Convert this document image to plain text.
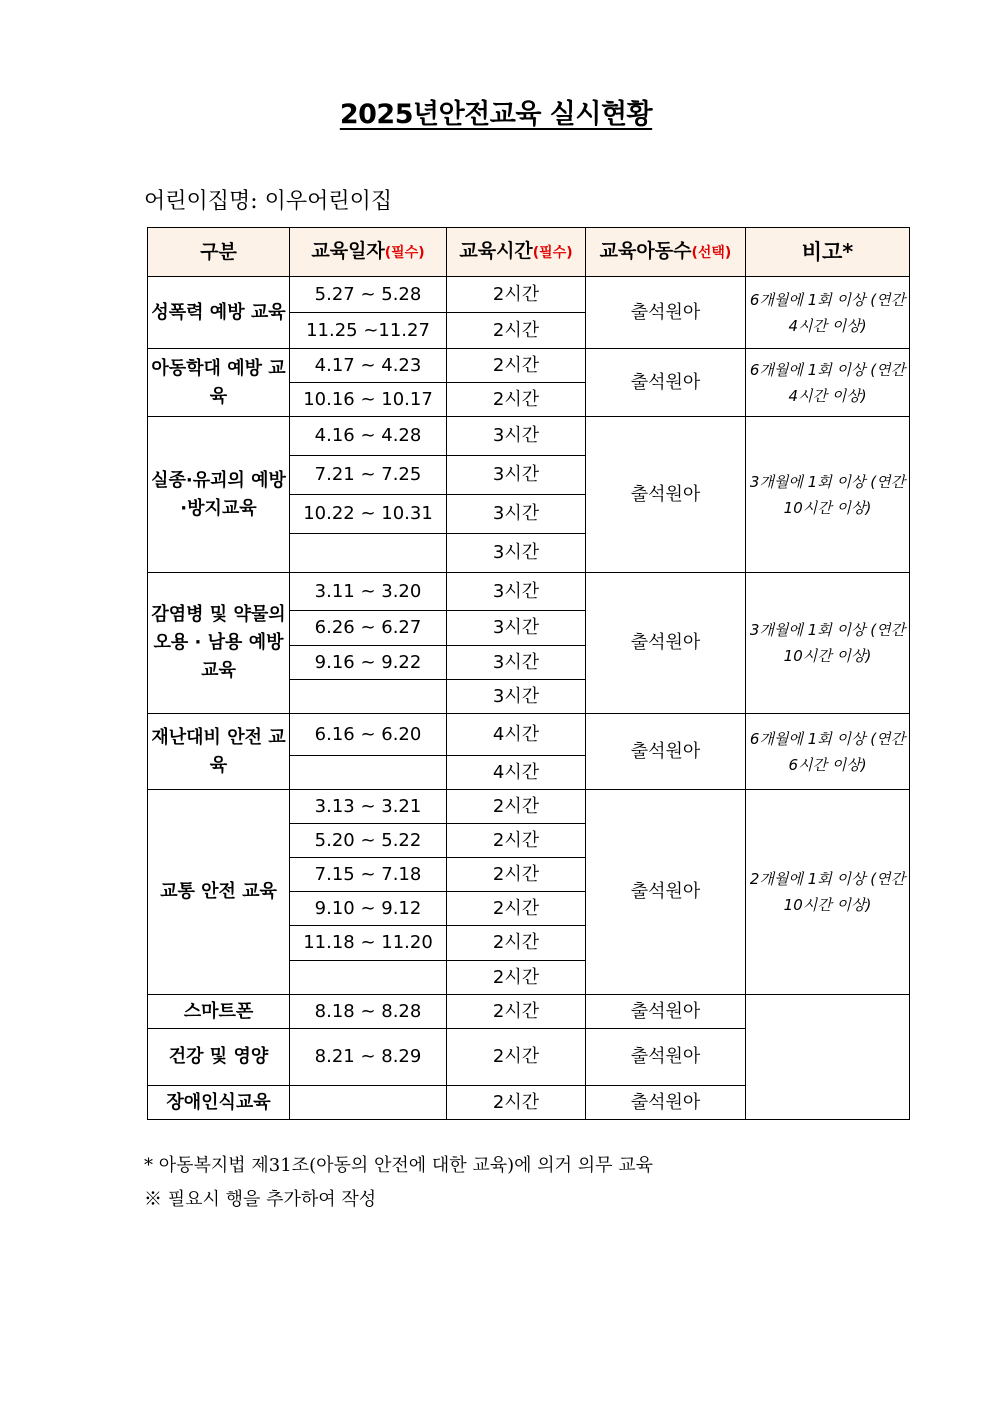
2025년안전교육 실시현황
어린이집명: 이우어린이집
구분	교육일자(필수)	교육시간(필수)	교육아동수(선택)	비고*
성폭력 예방 교육	5.27 ~ 5.28	2시간	출석원아	6개월에 1회 이상 (연간 4시간 이상)
	11.25 ~11.27	2시간		
아동학대 예방 교육	4.17 ~ 4.23	2시간	출석원아	6개월에 1회 이상 (연간 4시간 이상)
	10.16 ~ 10.17	2시간		
실종·유괴의 예방·방지교육	4.16 ~ 4.28	3시간	출석원아	3개월에 1회 이상 (연간 10시간 이상)
	7.21 ~ 7.25	3시간		
	10.22 ~ 10.31	3시간		
		3시간		
감염병 및 약물의오용 · 남용 예방 교육	3.11 ~ 3.20	3시간	출석원아	3개월에 1회 이상 (연간 10시간 이상)
	6.26 ~ 6.27	3시간		
	9.16 ~ 9.22	3시간		
		3시간		
재난대비 안전 교육	6.16 ~ 6.20	4시간	출석원아	6개월에 1회 이상 (연간 6시간 이상)
		4시간		
교통 안전 교육	3.13 ~ 3.21	2시간	출석원아	2개월에 1회 이상 (연간 10시간 이상)
	5.20 ~ 5.22	2시간		
	7.15 ~ 7.18	2시간		
	9.10 ~ 9.12	2시간		
	11.18 ~ 11.20	2시간		
		2시간		
스마트폰	8.18 ~ 8.28	2시간	출석원아	
건강 및 영양	8.21 ~ 8.29	2시간	출석원아	
장애인식교육		2시간	출석원아	
* 아동복지법 제31조(아동의 안전에 대한 교육)에 의거 의무 교육
※ 필요시 행을 추가하여 작성
